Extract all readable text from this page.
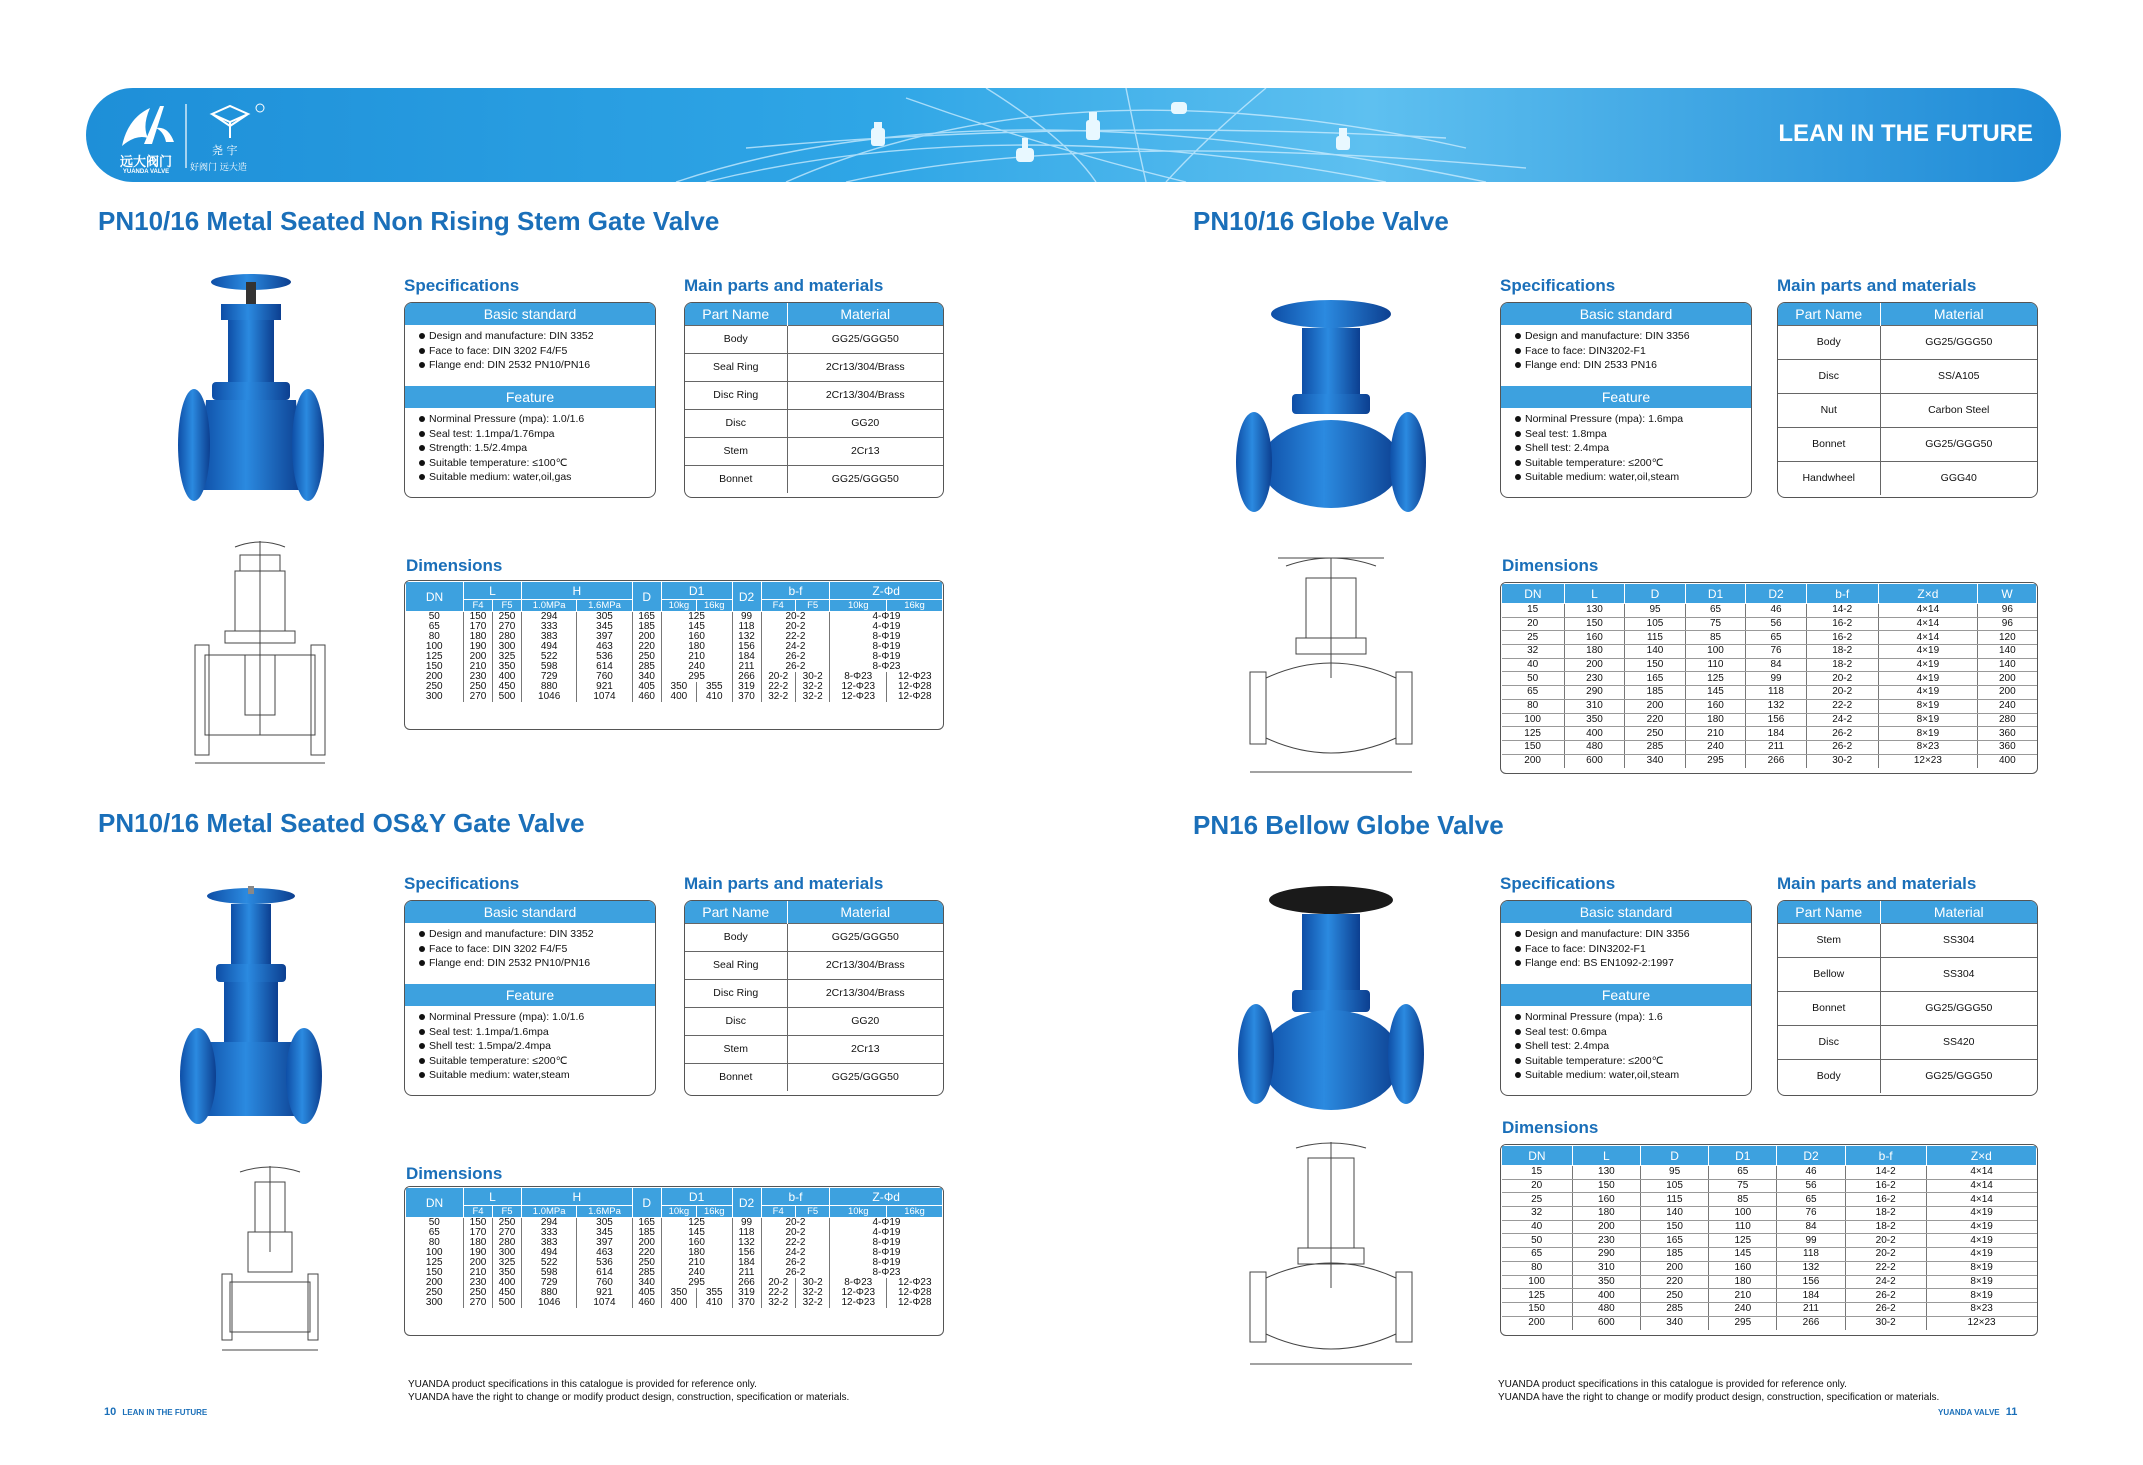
尧 宇
好阀门 远大造
远大阀门
YUANDA VALVE
LEAN IN THE FUTURE
PN10/16 Metal Seated Non Rising Stem Gate Valve
Specifications
Basic standard
Design and manufacture: DIN 3352
Face to face: DIN 3202 F4/F5
Flange end: DIN 2532 PN10/PN16
Feature
Norminal Pressure (mpa): 1.0/1.6
Seal test: 1.1mpa/1.76mpa
Strength: 1.5/2.4mpa
Suitable temperature: ≤100℃
Suitable medium: water,oil,gas
Main parts and materials
Part Name	Material
Body	GG25/GGG50
Seal Ring	2Cr13/304/Brass
Disc Ring	2Cr13/304/Brass
Disc	GG20
Stem	2Cr13
Bonnet	GG25/GGG50
Dimensions
DN	L		H		D	D1		D2	b-f		Z-Φd	
	F4	F5	1.0MPa	1.6MPa		10kg	16kg		F4	F5	10kg	16kg
50	150	250	294	305	165	125		99	20-2		4-Φ19	
65	170	270	333	345	185	145		118	20-2		4-Φ19	
80	180	280	383	397	200	160		132	22-2		8-Φ19	
100	190	300	494	463	220	180		156	24-2		8-Φ19	
125	200	325	522	536	250	210		184	26-2		8-Φ19	
150	210	350	598	614	285	240		211	26-2		8-Φ23	
200	230	400	729	760	340	295		266	20-2	30-2	8-Φ23	12-Φ23
250	250	450	880	921	405	350	355	319	22-2	32-2	12-Φ23	12-Φ28
300	270	500	1046	1074	460	400	410	370	32-2	32-2	12-Φ23	12-Φ28
PN10/16 Metal Seated OS&Y Gate Valve
Specifications
Basic standard
Design and manufacture: DIN 3352
Face to face: DIN 3202 F4/F5
Flange end: DIN 2532 PN10/PN16
Feature
Norminal Pressure (mpa): 1.0/1.6
Seal test: 1.1mpa/1.6mpa
Shell test: 1.5mpa/2.4mpa
Suitable temperature: ≤200℃
Suitable medium: water,steam
Main parts and materials
Part Name	Material
Body	GG25/GGG50
Seal Ring	2Cr13/304/Brass
Disc Ring	2Cr13/304/Brass
Disc	GG20
Stem	2Cr13
Bonnet	GG25/GGG50
Dimensions
DN	L		H		D	D1		D2	b-f		Z-Φd	
	F4	F5	1.0MPa	1.6MPa		10kg	16kg		F4	F5	10kg	16kg
50	150	250	294	305	165	125		99	20-2		4-Φ19	
65	170	270	333	345	185	145		118	20-2		4-Φ19	
80	180	280	383	397	200	160		132	22-2		8-Φ19	
100	190	300	494	463	220	180		156	24-2		8-Φ19	
125	200	325	522	536	250	210		184	26-2		8-Φ19	
150	210	350	598	614	285	240		211	26-2		8-Φ23	
200	230	400	729	760	340	295		266	20-2	30-2	8-Φ23	12-Φ23
250	250	450	880	921	405	350	355	319	22-2	32-2	12-Φ23	12-Φ28
300	270	500	1046	1074	460	400	410	370	32-2	32-2	12-Φ23	12-Φ28
YUANDA product specifications in this catalogue is provided for reference only.
YUANDA have the right to change or modify product design, construction, specification or materials.
10 LEAN IN THE FUTURE
PN10/16 Globe Valve
Specifications
Basic standard
Design and manufacture: DIN 3356
Face to face: DIN3202-F1
Flange end: DIN 2533 PN16
Feature
Norminal Pressure (mpa): 1.6mpa
Seal test: 1.8mpa
Shell test: 2.4mpa
Suitable temperature: ≤200℃
Suitable medium: water,oil,steam
Main parts and materials
Part Name	Material
Body	GG25/GGG50
Disc	SS/A105
Nut	Carbon Steel
Bonnet	GG25/GGG50
Handwheel	GGG40
Dimensions
DN	L	D	D1	D2	b-f	Z×d	W
15	130	95	65	46	14-2	4×14	96
20	150	105	75	56	16-2	4×14	96
25	160	115	85	65	16-2	4×14	120
32	180	140	100	76	18-2	4×19	140
40	200	150	110	84	18-2	4×19	140
50	230	165	125	99	20-2	4×19	200
65	290	185	145	118	20-2	4×19	200
80	310	200	160	132	22-2	8×19	240
100	350	220	180	156	24-2	8×19	280
125	400	250	210	184	26-2	8×19	360
150	480	285	240	211	26-2	8×23	360
200	600	340	295	266	30-2	12×23	400
PN16 Bellow Globe Valve
Specifications
Basic standard
Design and manufacture: DIN 3356
Face to face: DIN3202-F1
Flange end: BS EN1092-2:1997
Feature
Norminal Pressure (mpa): 1.6
Seal test: 0.6mpa
Shell test: 2.4mpa
Suitable temperature: ≤200℃
Suitable medium: water,oil,steam
Main parts and materials
Part Name	Material
Stem	SS304
Bellow	SS304
Bonnet	GG25/GGG50
Disc	SS420
Body	GG25/GGG50
Dimensions
DN	L	D	D1	D2	b-f	Z×d
15	130	95	65	46	14-2	4×14
20	150	105	75	56	16-2	4×14
25	160	115	85	65	16-2	4×14
32	180	140	100	76	18-2	4×19
40	200	150	110	84	18-2	4×19
50	230	165	125	99	20-2	4×19
65	290	185	145	118	20-2	4×19
80	310	200	160	132	22-2	8×19
100	350	220	180	156	24-2	8×19
125	400	250	210	184	26-2	8×19
150	480	285	240	211	26-2	8×23
200	600	340	295	266	30-2	12×23
YUANDA product specifications in this catalogue is provided for reference only.
YUANDA have the right to change or modify product design, construction, specification or materials.
YUANDA VALVE 11
